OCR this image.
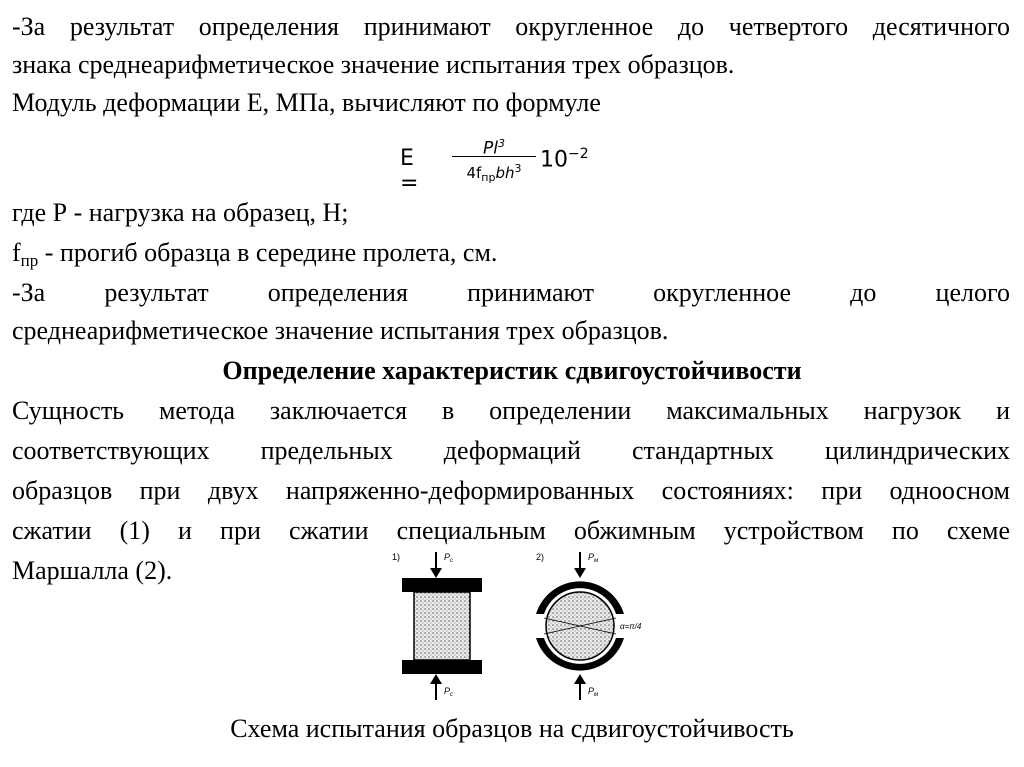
-За результат определения принимают округленное до четвертого десятичного
знака среднеарифметическое значение испытания трех образцов.
Модуль деформации Е, МПа, вычисляют по формуле
E =
$Pl^3$
$4f_{пр}bh^3$ $10^{-2}$
где Р - нагрузка на образец, Н;
$f_{пр}$ - прогиб образца в середине пролета, см.
-За результат определения принимают округленное до целого
среднеарифметическое значение испытания трех образцов.
Определение характеристик сдвигоустойчивости
Сущность метода заключается в определении максимальных нагрузок и
соответствующих предельных деформаций стандартных цилиндрических
образцов при двух напряженно-деформированных состояниях: при одноосном
сжатии (1) и при сжатии специальным обжимным устройством по схеме
Маршалла (2).	1)	$P_c$
$P_c$
2)	$P_м$
α=π/4
$P_м$
Схема испытания образцов на сдвигоустойчивость
